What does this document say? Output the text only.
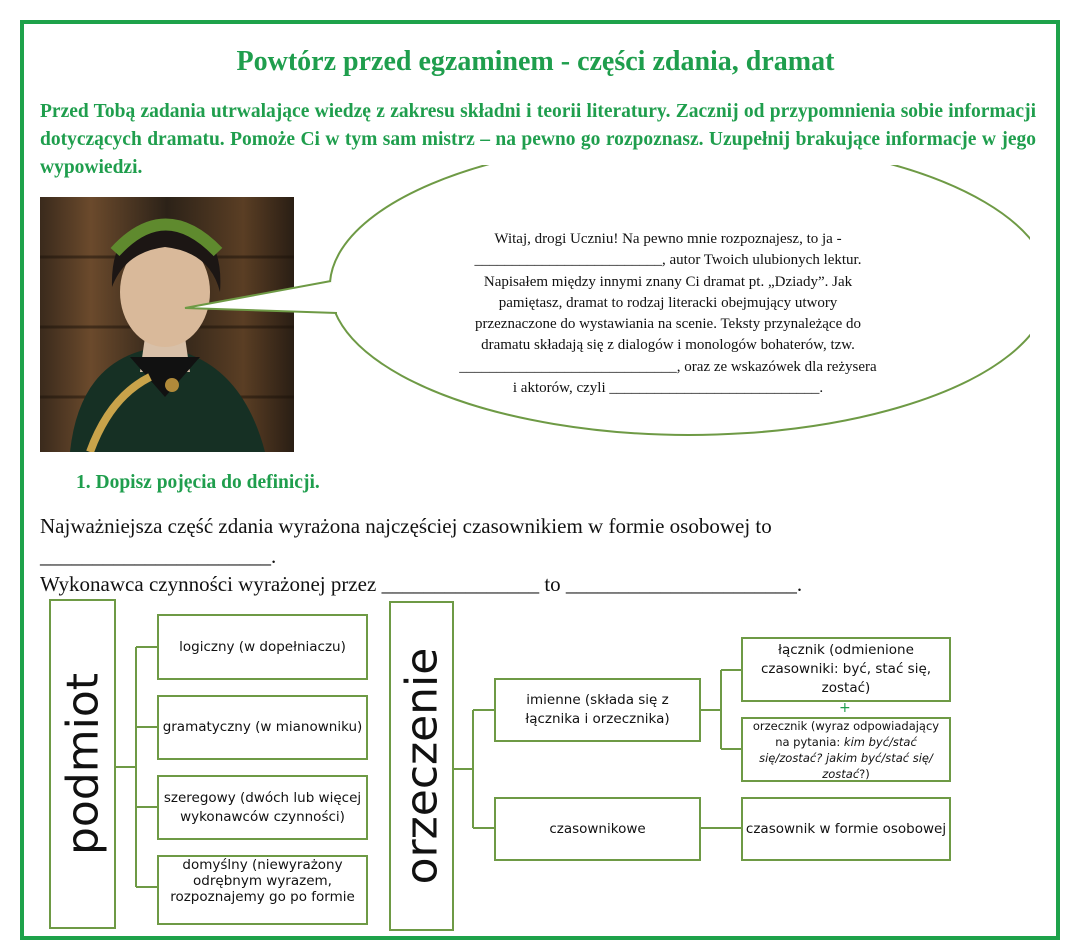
Powtórz przed egzaminem - części zdania, dramat

Przed Tobą zadania utrwalające wiedzę z zakresu składni i teorii literatury. Zacznij od przypomnienia sobie informacji dotyczących dramatu. Pomoże Ci w tym sam mistrz – na pewno go rozpoznasz. Uzupełnij brakujące informacje w jego wypowiedzi.

Witaj, drogi Uczniu! Na pewno mnie rozpoznajesz, to ja -
_________________________, autor Twoich ulubionych lektur.
Napisałem między innymi znany Ci dramat pt. „Dziady”. Jak
pamiętasz, dramat to rodzaj literacki obejmujący utwory
przeznaczone do wystawiania na scenie. Teksty przynależące do
dramatu składają się z dialogów i monologów bohaterów, tzw.
_____________________________, oraz ze wskazówek dla reżysera
i aktorów, czyli ____________________________.
1. Dopisz pojęcia do definicji.
Najważniejsza część zdania wyrażona najczęściej czasownikiem w formie osobowej to
______________________.
Wykonawca czynności wyrażonej przez _______________ to ______________________.
podmiot
logiczny (w dopełniaczu)
gramatyczny (w mianowniku)
szeregowy (dwóch lub więcej wykonawców czynności)
domyślny (niewyrażony odrębnym wyrazem, rozpoznajemy go po formie
orzeczenie	imienne (składa się z łącznika i orzecznika)
czasownikowe
łącznik (odmienione czasowniki: być, stać się, zostać)
+
orzecznik (wyraz odpowiadający na pytania: kim być/stać się/zostać? jakim być/stać się/ zostać?)
czasownik w formie osobowej
